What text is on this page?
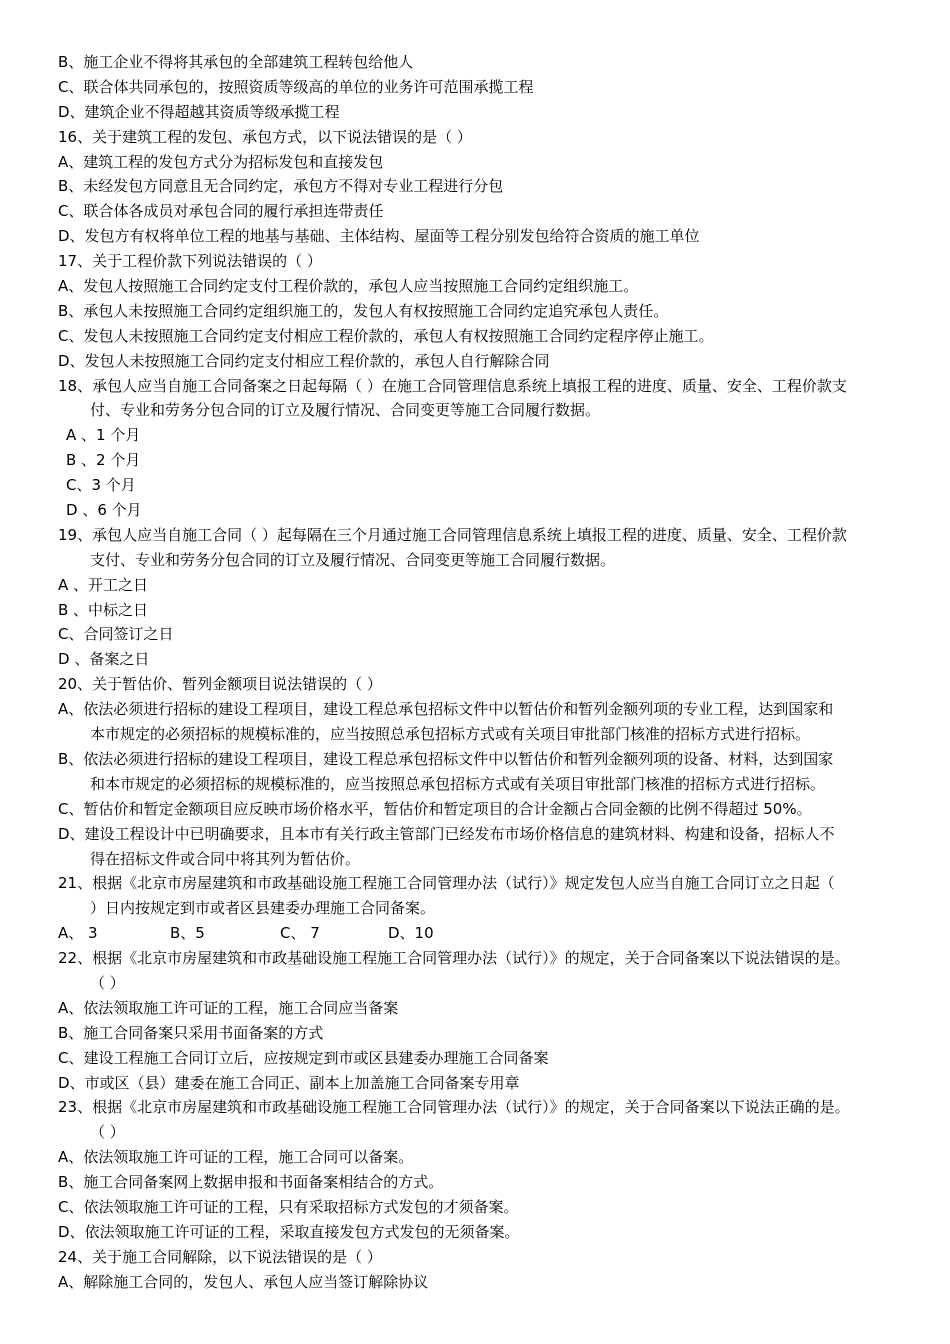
B、施工企业不得将其承包的全部建筑工程转包给他人
C、联合体共同承包的，按照资质等级高的单位的业务许可范围承揽工程
D、建筑企业不得超越其资质等级承揽工程
16、关于建筑工程的发包、承包方式，以下说法错误的是（ ）
A、建筑工程的发包方式分为招标发包和直接发包
B、未经发包方同意且无合同约定，承包方不得对专业工程进行分包
C、联合体各成员对承包合同的履行承担连带责任
D、发包方有权将单位工程的地基与基础、主体结构、屋面等工程分别发包给符合资质的施工单位
17、关于工程价款下列说法错误的（ ）
A、发包人按照施工合同约定支付工程价款的，承包人应当按照施工合同约定组织施工。
B、承包人未按照施工合同约定组织施工的，发包人有权按照施工合同约定追究承包人责任。
C、发包人未按照施工合同约定支付相应工程价款的，承包人有权按照施工合同约定程序停止施工。
D、发包人未按照施工合同约定支付相应工程价款的，承包人自行解除合同
18、承包人应当自施工合同备案之日起每隔（ ）在施工合同管理信息系统上填报工程的进度、质量、安全、工程价款支
付、专业和劳务分包合同的订立及履行情况、合同变更等施工合同履行数据。
A 、1 个月
B 、2 个月
C、3 个月
D 、6 个月
19、承包人应当自施工合同（ ）起每隔在三个月通过施工合同管理信息系统上填报工程的进度、质量、安全、工程价款
支付、专业和劳务分包合同的订立及履行情况、合同变更等施工合同履行数据。
A 、开工之日
B 、中标之日
C、合同签订之日
D 、备案之日
20、关于暂估价、暂列金额项目说法错误的（ ）
A、依法必须进行招标的建设工程项目，建设工程总承包招标文件中以暂估价和暂列金额列项的专业工程，达到国家和
本市规定的必须招标的规模标准的，应当按照总承包招标方式或有关项目审批部门核准的招标方式进行招标。
B、依法必须进行招标的建设工程项目，建设工程总承包招标文件中以暂估价和暂列金额列项的设备、材料，达到国家
和本市规定的必须招标的规模标准的，应当按照总承包招标方式或有关项目审批部门核准的招标方式进行招标。
C、暂估价和暂定金额项目应反映市场价格水平，暂估价和暂定项目的合计金额占合同金额的比例不得超过 50%。
D、建设工程设计中已明确要求，且本市有关行政主管部门已经发布市场价格信息的建筑材料、构建和设备，招标人不
得在招标文件或合同中将其列为暂估价。
21、根据《北京市房屋建筑和市政基础设施工程施工合同管理办法（试行）》规定发包人应当自施工合同订立之日起（
）日内按规定到市或者区县建委办理施工合同备案。
A、 3	B、5	C、 7	D、10
22、根据《北京市房屋建筑和市政基础设施工程施工合同管理办法（试行）》的规定，关于合同备案以下说法错误的是。
（ ）
A、依法领取施工许可证的工程，施工合同应当备案
B、施工合同备案只采用书面备案的方式
C、建设工程施工合同订立后，应按规定到市或区县建委办理施工合同备案
D、市或区（县）建委在施工合同正、副本上加盖施工合同备案专用章
23、根据《北京市房屋建筑和市政基础设施工程施工合同管理办法（试行）》的规定，关于合同备案以下说法正确的是。
（ ）
A、依法领取施工许可证的工程，施工合同可以备案。
B、施工合同备案网上数据申报和书面备案相结合的方式。
C、依法领取施工许可证的工程，只有采取招标方式发包的才须备案。
D、依法领取施工许可证的工程，采取直接发包方式发包的无须备案。
24、关于施工合同解除，以下说法错误的是（ ）
A、解除施工合同的，发包人、承包人应当签订解除协议
